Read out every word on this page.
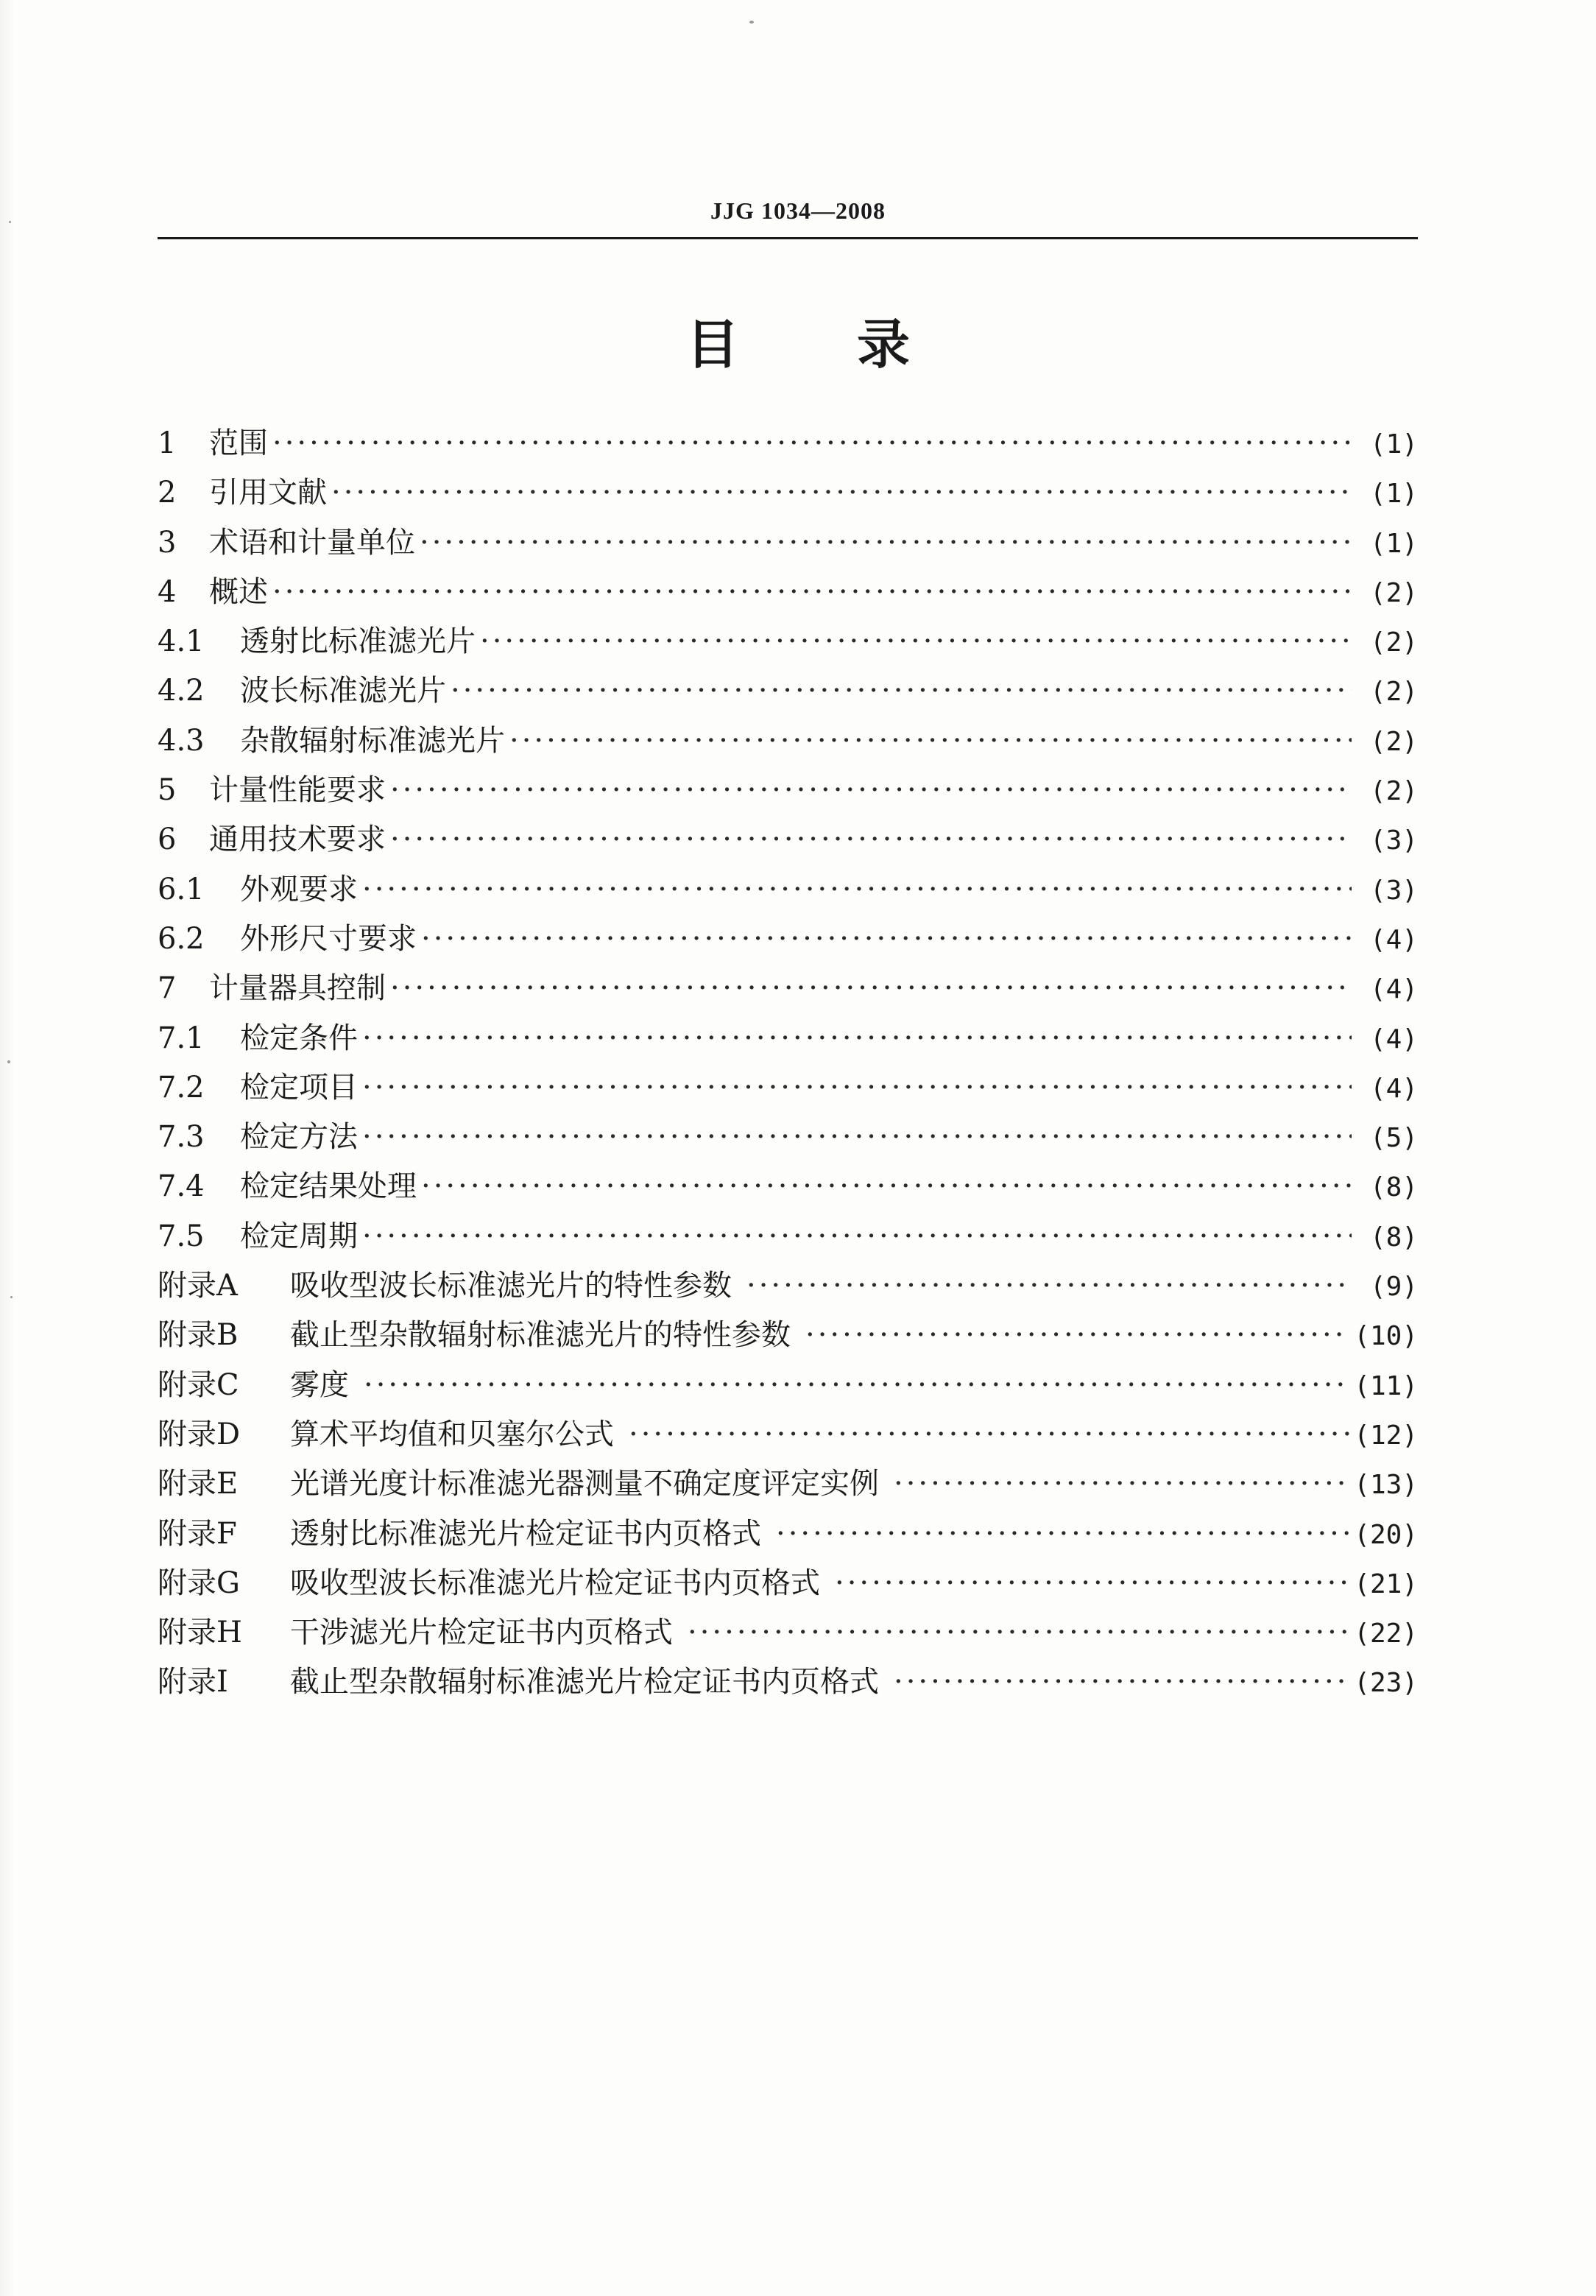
JJG 1034—2008
目录
1	范围 ·····	(1)
2	引用文献 ·····	(1)
3	术语和计量单位 ·····	(1)
4	概述 ·····	(2)
4.1	透射比标准滤光片 ·····	(2)
4.2	波长标准滤光片 ·····	(2)
4.3	杂散辐射标准滤光片 ·····	(2)
5	计量性能要求 ·····	(2)
6	通用技术要求 ·····	(3)
6.1	外观要求 ·····	(3)
6.2	外形尺寸要求 ·····	(4)
7	计量器具控制 ·····	(4)
7.1	检定条件 ·····	(4)
7.2	检定项目 ·····	(4)
7.3	检定方法 ·····	(5)
7.4	检定结果处理 ·····	(8)
7.5	检定周期 ·····	(8)
附录A	吸收型波长标准滤光片的特性参数 ·····	(9)
附录B	截止型杂散辐射标准滤光片的特性参数 ·····	(10)
附录C	雾度 ·····	(11)
附录D	算术平均值和贝塞尔公式 ·····	(12)
附录E	光谱光度计标准滤光器测量不确定度评定实例 ·····	(13)
附录F	透射比标准滤光片检定证书内页格式 ·····	(20)
附录G	吸收型波长标准滤光片检定证书内页格式 ·····	(21)
附录H	干涉滤光片检定证书内页格式 ·····	(22)
附录I	截止型杂散辐射标准滤光片检定证书内页格式 ·····	(23)
